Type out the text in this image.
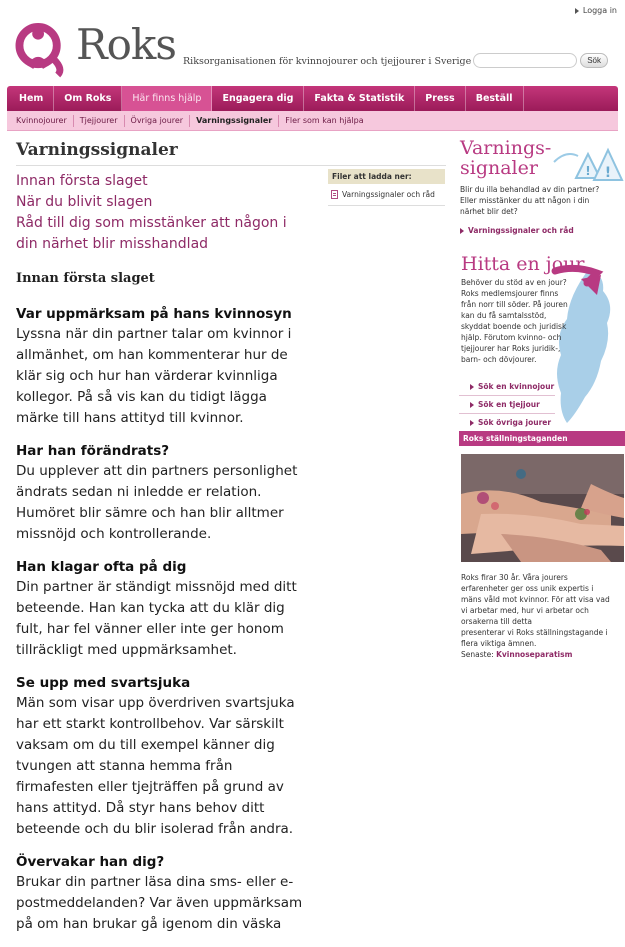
Logga in
Roks Riksorganisationen för kvinnojourer och tjejjourer i Sverige	Sök
Hem	Om Roks	Här finns hjälp	Engagera dig	Fakta & Statistik	Press	Beställ
Kvinnojourer	Tjejjourer	Övriga jourer	Varningssignaler	Fler som kan hjälpa
Varningssignaler
Innan första slaget
När du blivit slagen
Råd till dig som misstänker att någon i
din närhet blir misshandlad
Filer att ladda ner:
Varningssignaler och råd
Innan första slaget
Var uppmärksam på hans kvinnosyn

Lyssna när din partner talar om kvinnor i

allmänhet, om han kommenterar hur de

klär sig och hur han värderar kvinnliga

kollegor. På så vis kan du tidigt lägga

märke till hans attityd till kvinnor.

Har han förändrats?

Du upplever att din partners personlighet

ändrats sedan ni inledde er relation.

Humöret blir sämre och han blir alltmer

missnöjd och kontrollerande.

Han klagar ofta på dig

Din partner är ständigt missnöjd med ditt

beteende. Han kan tycka att du klär dig

fult, har fel vänner eller inte ger honom

tillräckligt med uppmärksamhet.

Se upp med svartsjuka

Män som visar upp överdriven svartsjuka

har ett starkt kontrollbehov. Var särskilt

vaksam om du till exempel känner dig

tvungen att stanna hemma från

firmafesten eller tjejträffen på grund av

hans attityd. Då styr hans behov ditt

beteende och du blir isolerad från andra.

Övervakar han dig?

Brukar din partner läsa dina sms- eller e-

postmeddelanden? Var även uppmärksam

på om han brukar gå igenom din väska

Varnings-
signaler	! !
Blir du illa behandlad av din partner?
Eller misstänker du att någon i din
närhet blir det?
Varningssignaler och råd
Hitta en jour
Behöver du stöd av en jour?
Roks medlemsjourer finns
från norr till söder. På jouren
kan du få samtalsstöd,
skyddat boende och juridisk
hjälp. Förutom kvinno- och
tjejjourer har Roks juridik-,
barn- och dövjourer.
Sök en kvinnojour
Sök en tjejjour
Sök övriga jourer
Roks ställningstaganden
Roks firar 30 år. Våra jourers
erfarenheter ger oss unik expertis i
mäns våld mot kvinnor. För att visa vad
vi arbetar med, hur vi arbetar och
orsakerna till detta
presenterar vi Roks ställningstagande i
flera viktiga ämnen.
Senaste: Kvinnoseparatism
